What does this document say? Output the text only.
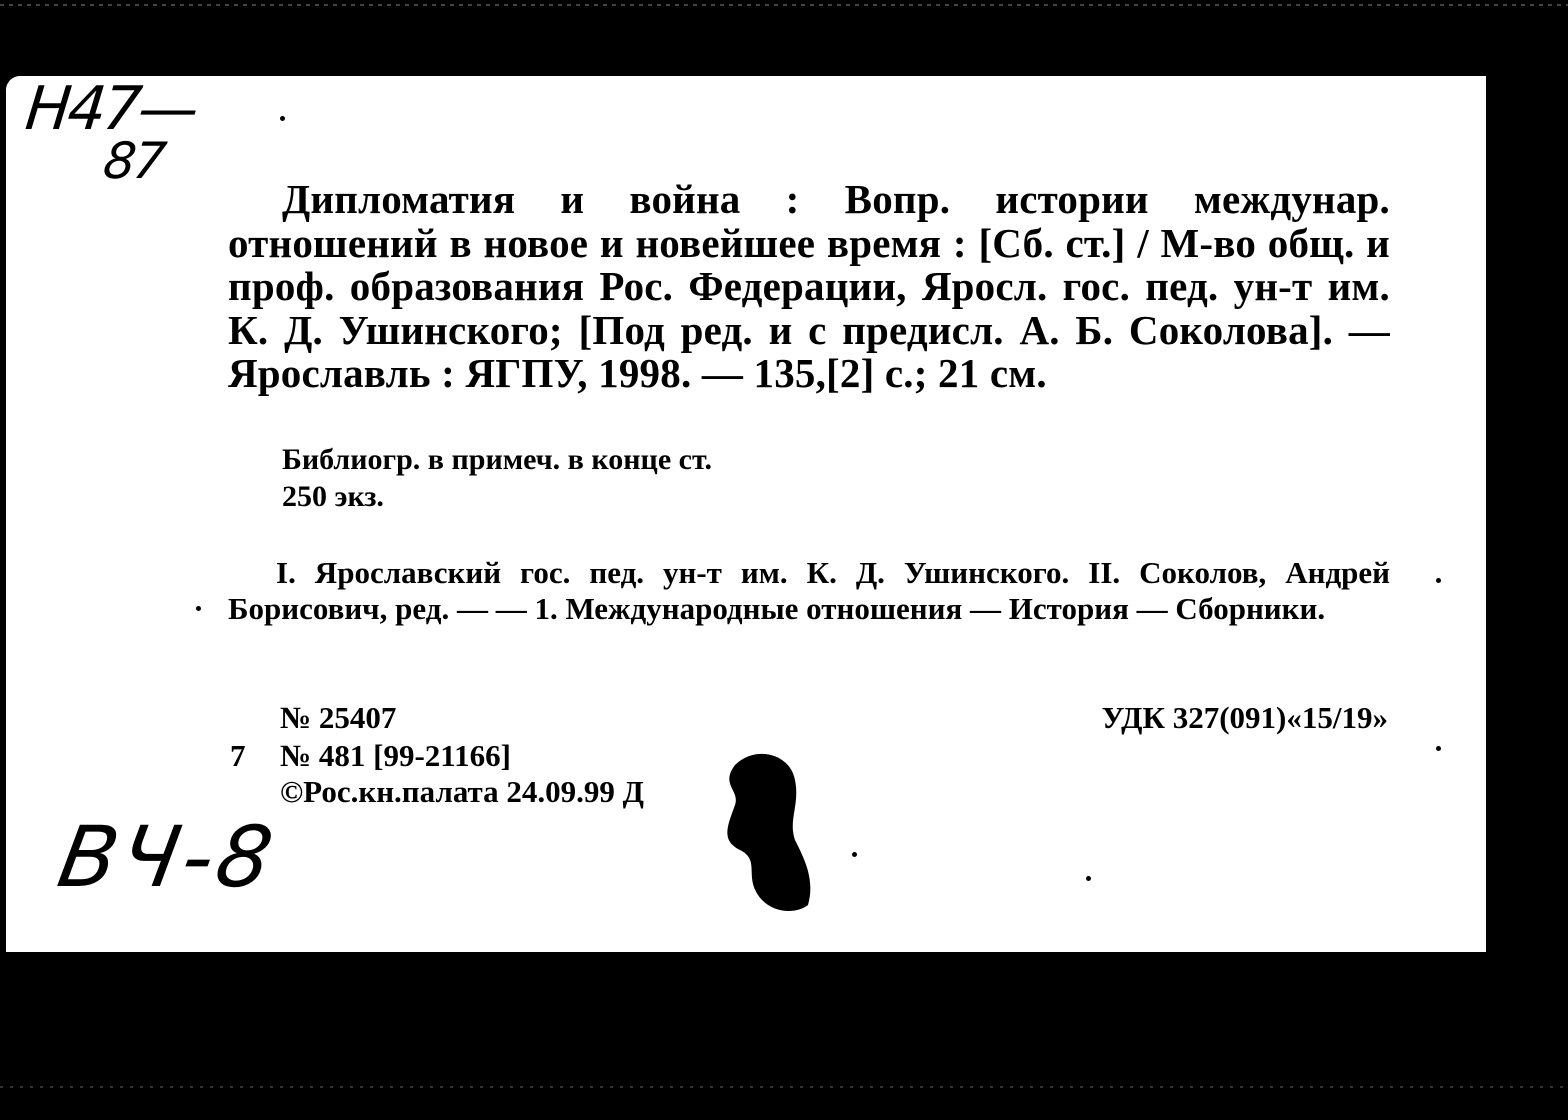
Н47—
87
Дипломатия и война : Вопр. истории междунар. отношений в новое и новейшее время : [Сб. ст.] / М-во общ. и проф. образования Рос. Федерации, Яросл. гос. пед. ун-т им. К. Д. Ушинского; [Под ред. и с предисл. А. Б. Соколова]. — Ярославль : ЯГПУ, 1998. — 135,[2] с.; 21 см.
Библиогр. в примеч. в конце ст.
250 экз.
I. Ярославский гос. пед. ун-т им. К. Д. Ушинского. II. Соколов, Андрей Борисович, ред. — — 1. Международные отношения — История — Сборники.
№ 25407
7 № 481 [99-21166]
УДК 327(091)«15/19»
©Рос.кн.палата 24.09.99 Д
ВЧ-8
